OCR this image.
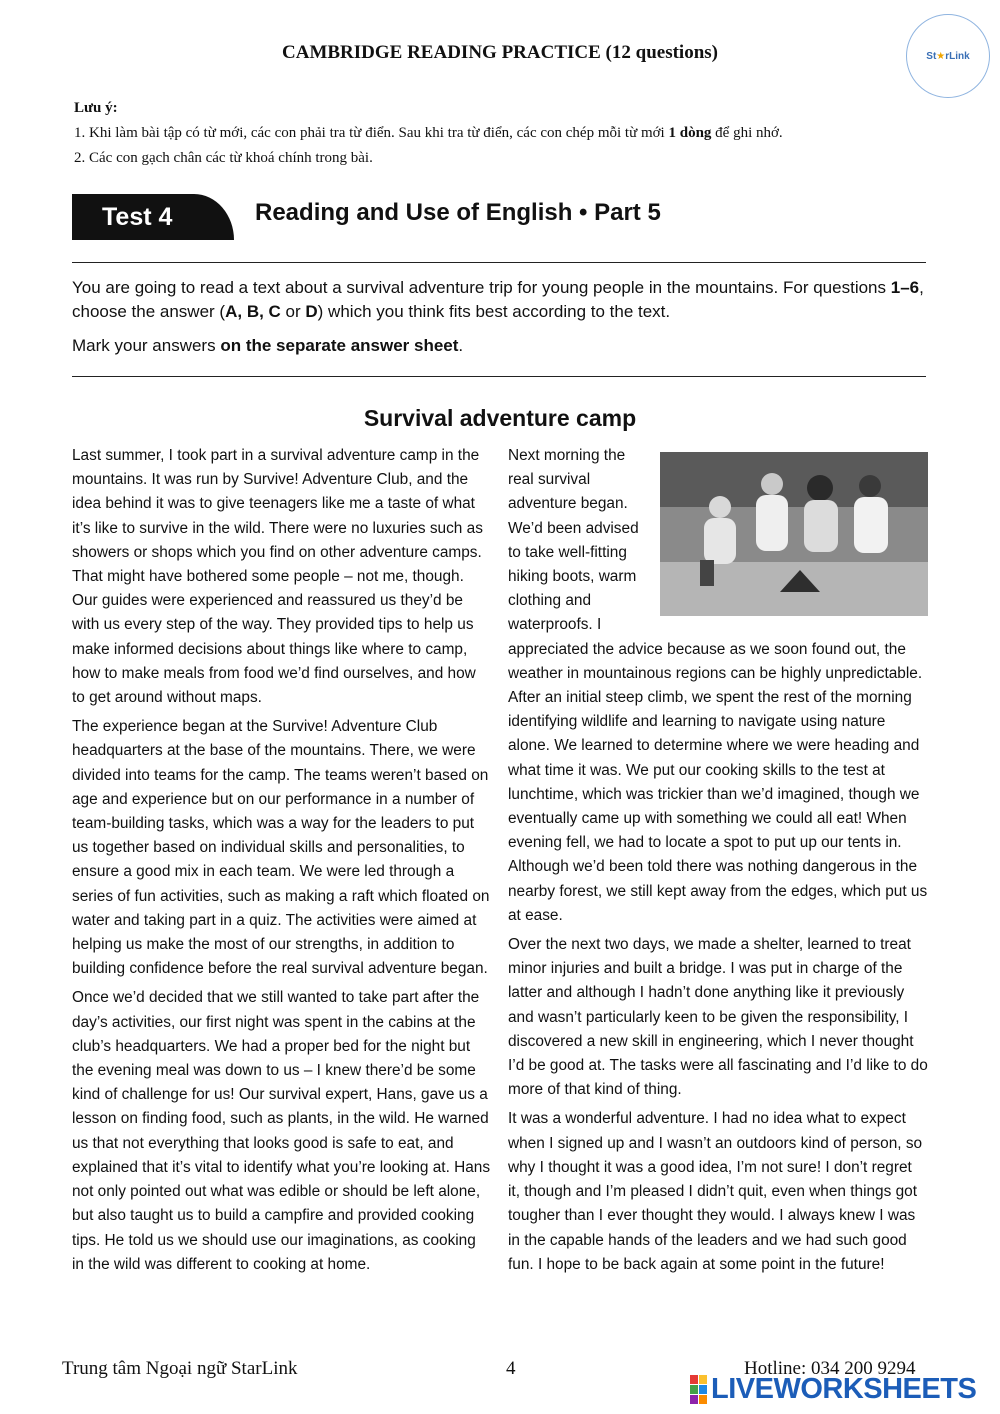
CAMBRIDGE READING PRACTICE (12 questions)	St ★ rLink
Lưu ý:
1. Khi làm bài tập có từ mới, các con phải tra từ điển. Sau khi tra từ điển, các con chép mỗi từ mới 1 dòng để ghi nhớ.
2. Các con gạch chân các từ khoá chính trong bài.
Test 4	Reading and Use of English • Part 5

You are going to read a text about a survival adventure trip for young people in the mountains. For questions 1–6, choose the answer (A, B, C or D) which you think fits best according to the text.

Mark your answers on the separate answer sheet.

Survival adventure camp

Last summer, I took part in a survival adventure camp in the mountains. It was run by Survive! Adventure Club, and the idea behind it was to give teenagers like me a taste of what it’s like to survive in the wild. There were no luxuries such as showers or shops which you find on other adventure camps. That might have bothered some people – not me, though. Our guides were experienced and reassured us they’d be with us every step of the way. They provided tips to help us make informed decisions about things like where to camp, how to make meals from food we’d find ourselves, and how to get around without maps.

The experience began at the Survive! Adventure Club headquarters at the base of the mountains. There, we were divided into teams for the camp. The teams weren’t based on age and experience but on our performance in a number of team-building tasks, which was a way for the leaders to put us together based on individual skills and personalities, to ensure a good mix in each team. We were led through a series of fun activities, such as making a raft which floated on water and taking part in a quiz. The activities were aimed at helping us make the most of our strengths, in addition to building confidence before the real survival adventure began.

Once we’d decided that we still wanted to take part after the day’s activities, our first night was spent in the cabins at the club’s headquarters. We had a proper bed for the night but the evening meal was down to us – I knew there’d be some kind of challenge for us! Our survival expert, Hans, gave us a lesson on finding food, such as plants, in the wild. He warned us that not everything that looks good is safe to eat, and explained that it’s vital to identify what you’re looking at. Hans not only pointed out what was edible or should be left alone, but also taught us to build a campfire and provided cooking tips. He told us we should use our imaginations, as cooking in the wild was different to cooking at home.

Next morning the real survival adventure began. We’d been advised to take well-fitting hiking boots, warm clothing and waterproofs. I appreciated the advice because as we soon found out, the weather in mountainous regions can be highly unpredictable. After an initial steep climb, we spent the rest of the morning identifying wildlife and learning to navigate using nature alone. We learned to determine where we were heading and what time it was. We put our cooking skills to the test at lunchtime, which was trickier than we’d imagined, though we eventually came up with something we could all eat! When evening fell, we had to locate a spot to put up our tents in. Although we’d been told there was nothing dangerous in the nearby forest, we still kept away from the edges, which put us at ease.

Over the next two days, we made a shelter, learned to treat minor injuries and built a bridge. I was put in charge of the latter and although I hadn’t done anything like it previously and wasn’t particularly keen to be given the responsibility, I discovered a new skill in engineering, which I never thought I’d be good at. The tasks were all fascinating and I’d like to do more of that kind of thing.

It was a wonderful adventure. I had no idea what to expect when I signed up and I wasn’t an outdoors kind of person, so why I thought it was a good idea, I’m not sure! I don’t regret it, though and I’m pleased I didn’t quit, even when things got tougher than I ever thought they would. I always knew I was in the capable hands of the leaders and we had such good fun. I hope to be back again at some point in the future!

Trung tâm Ngoại ngữ StarLink	4	Hotline: 034 200 9294
LIVEWORKSHEETS
